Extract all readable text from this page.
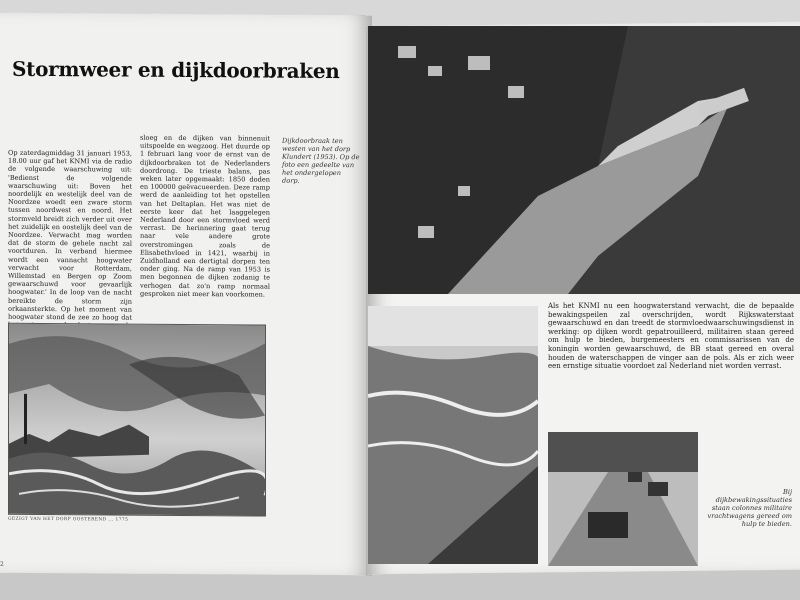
Stormweer en dijkdoorbraken
Op zaterdagmiddag 31 januari 1953, 18.00 uur gaf het KNMI via de radio de volgende waarschuwing uit: 'Bedienst de volgende waarschuwing uit: Boven het noordelijk en westelijk deel van de Noordzee woedt een zware storm tussen noordwest en noord. Het stormveld breidt zich verder uit over het zuidelijk en oostelijk deel van de Noordzee. Verwacht mag worden dat de storm de gehele nacht zal voortduren. In verband hiermee wordt een vannacht hoogwater verwacht voor Rotterdam, Willemstad en Bergen op Zoom gewaarschuwd voor gevaarlijk hoogwater.' In de loop van de nacht bereikte de storm zijn orkaansterkte. Op het moment van hoogwater stond de zee zo hoog dat
sloeg en de dijken van binnenuit uitspoelde en wegzoog. Het duurde op 1 februari lang voor de ernst van de dijkdoorbraken tot de Nederlanders doordrong. De trieste balans, pas weken later opgemaakt: 1850 doden en 100000 geëvacueerden. Deze ramp werd de aanleiding tot het opstellen van het Deltaplan. Het was niet de eerste keer dat het laaggelegen Nederland door een stormvloed werd verrast. De herinnering gaat terug naar vele andere grote overstromingen zoals de Elisabethvloed in 1421, waarbij in Zuidholland een dertigtal dorpen ten onder ging. Na de ramp van 1953 is men begonnen de dijken zodanig te verhogen dat zo'n ramp normaal gesproken niet meer kan voorkomen.
Dijkdoorbraak ten westen van het dorp Klundert (1953). Op de foto een gedeelte van het ondergelopen dorp.
GEZIGT VAN HET DORP OOSTEREND ... 1775
2
Als het KNMI nu een hoogwaterstand verwacht, die de bepaalde bewakingspeilen zal overschrijden, wordt Rijkswaterstaat gewaarschuwd en dan treedt de stormvloedwaarschuwingsdienst in werking: op dijken wordt gepatrouilleerd, militairen staan gereed om hulp te bieden, burgemeesters en commissarissen van de koningin worden gewaarschuwd, de BB staat gereed en overal houden de waterschappen de vinger aan de pols. Als er zich weer een ernstige situatie voordoet zal Nederland niet worden verrast.
Bij dijkbewakingssituaties staan colonnes militaire vrachtwagens gereed om hulp te bieden.
